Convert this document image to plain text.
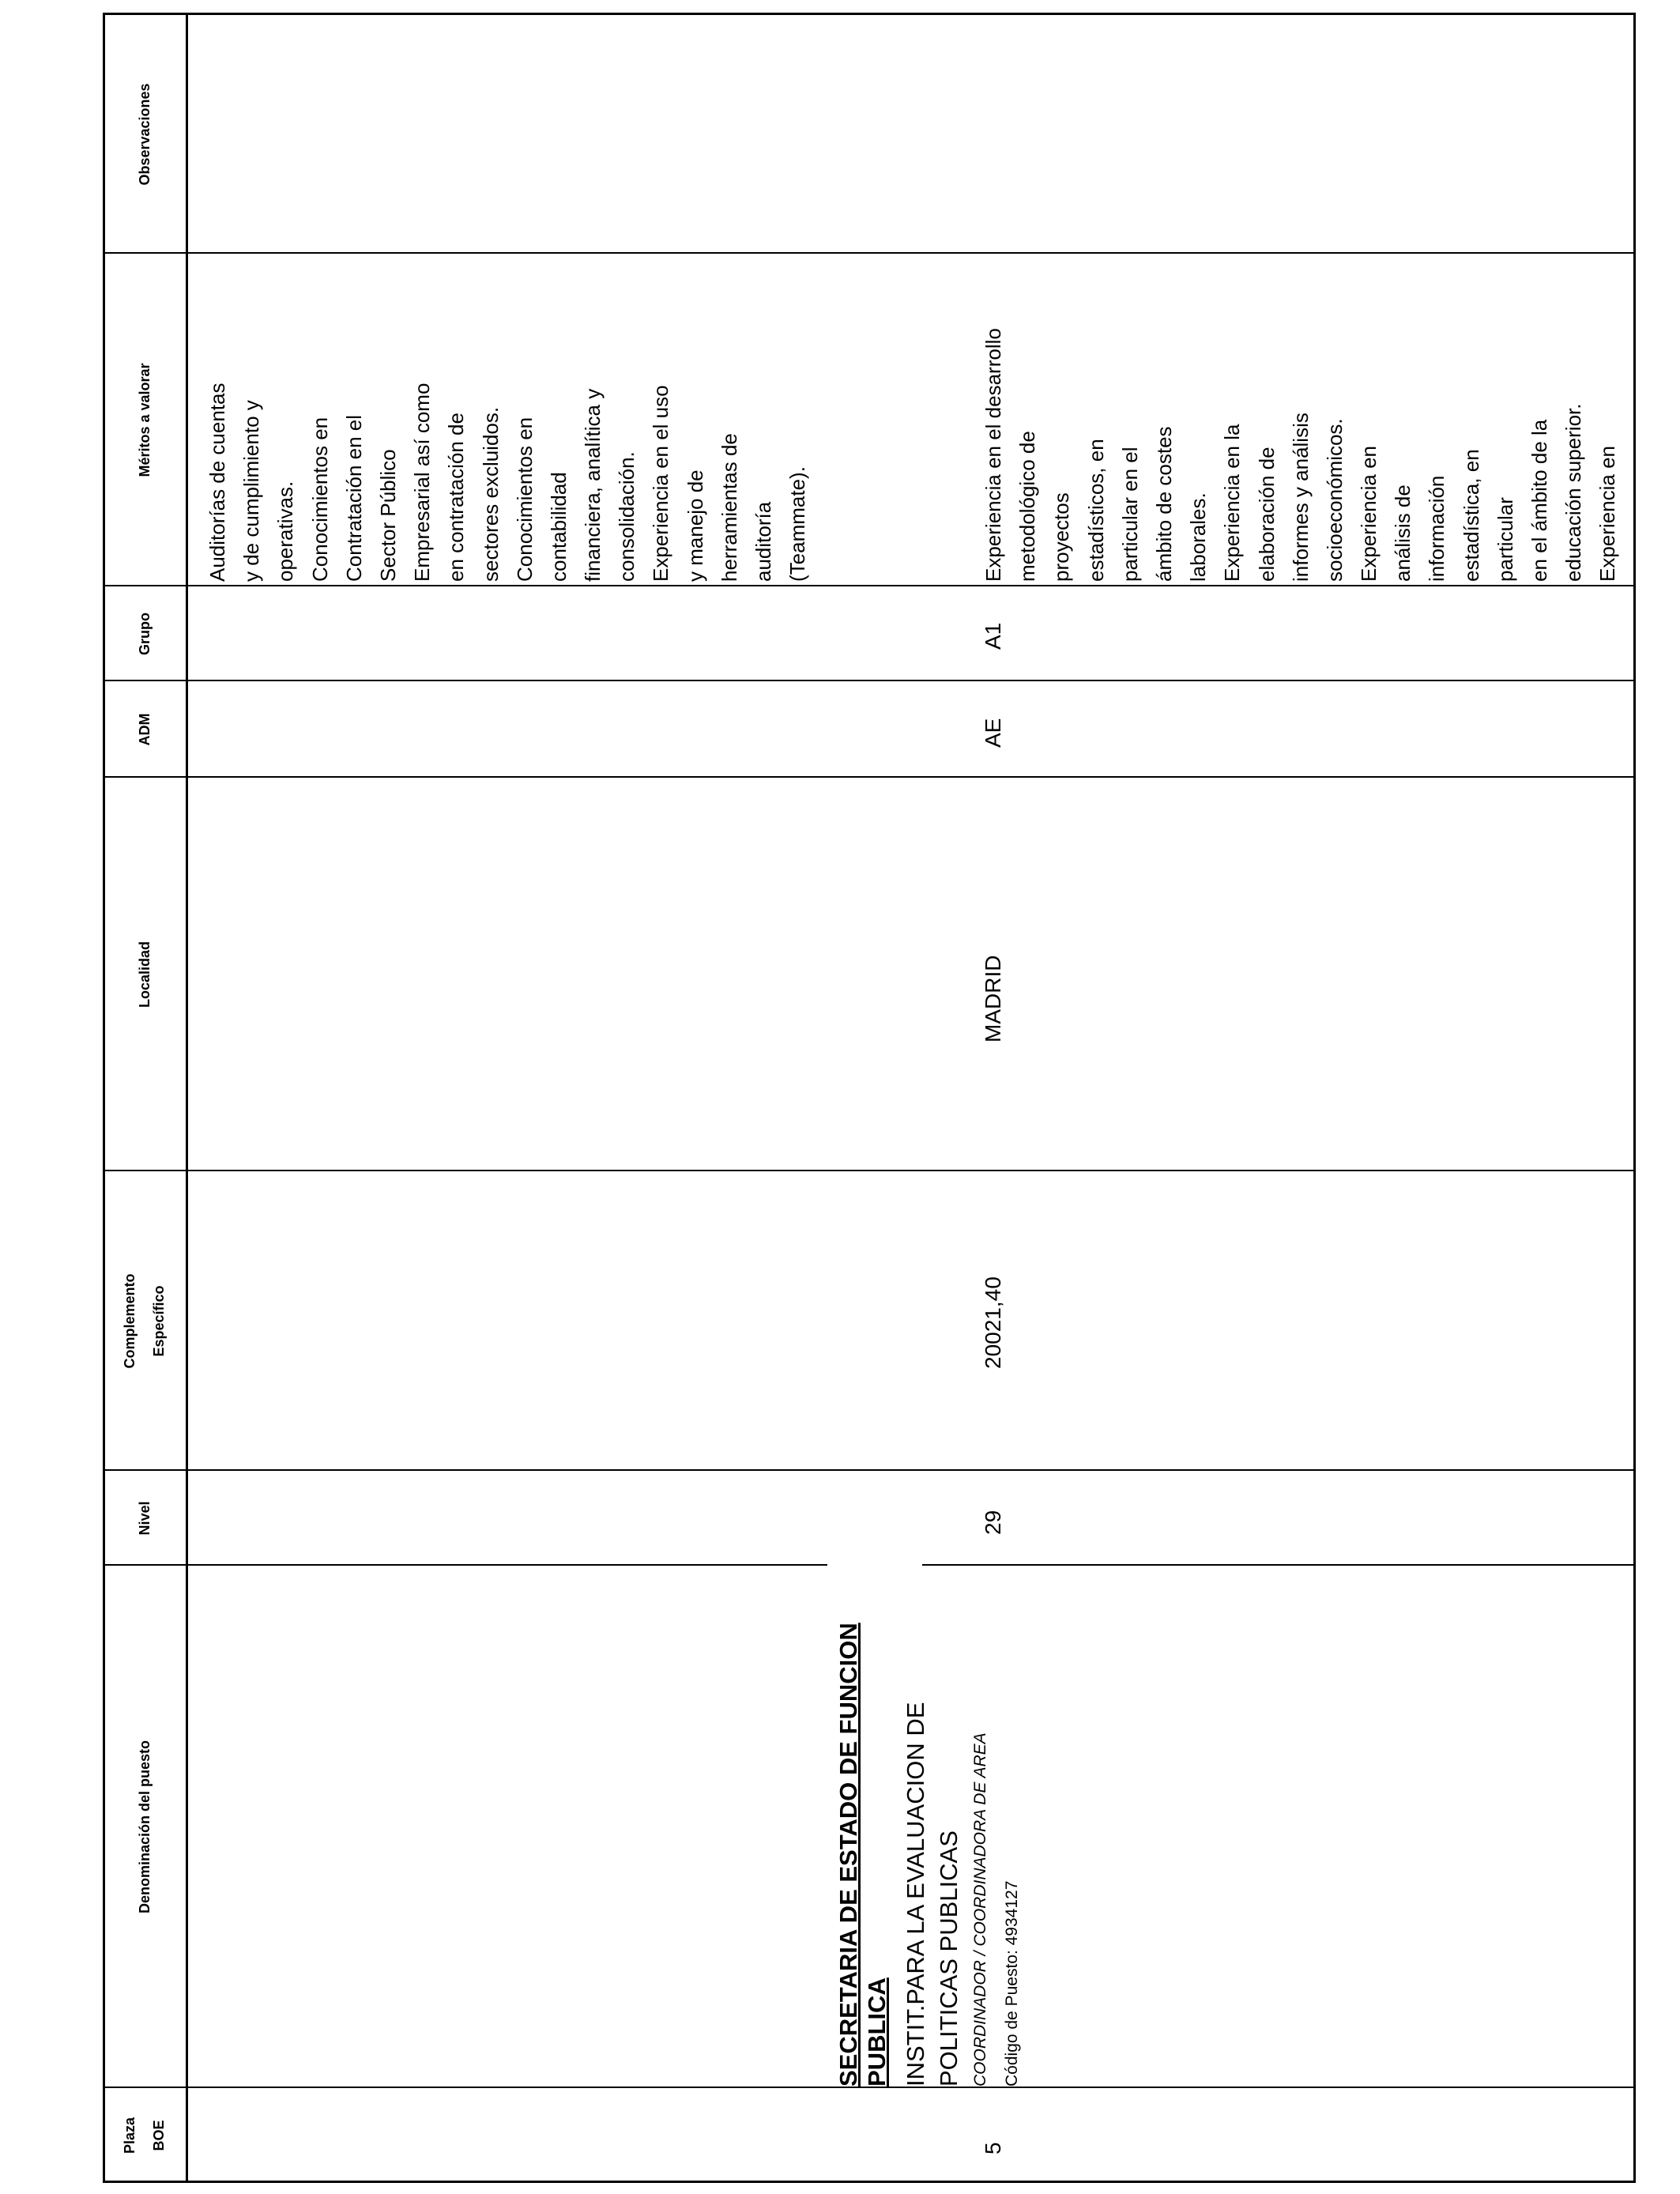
Plaza BOE
Denominación del puesto
Nivel
Complemento Específico
Localidad
ADM
Grupo
Méritos a valorar
Observaciones
Auditorías de cuentas y de cumplimiento y operativas. Conocimientos en Contratación en el Sector Público Empresarial así como en contratación de sectores excluidos. Conocimientos en contabilidad financiera, analítica y consolidación. Experiencia en el uso y manejo de herramientas de auditoría (Teammate).
SECRETARIA DE ESTADO DE FUNCION PUBLICA INSTIT.PARA LA EVALUACION DE POLITICAS PUBLICAS COORDINADOR / COORDINADORA DE AREA Código de Puesto: 4934127
5
29
20021,40
MADRID
AE
A1
Experiencia en el desarrollo metodológico de proyectos estadísticos, en particular en el ámbito de costes laborales. Experiencia en la elaboración de informes y análisis socioeconómicos. Experiencia en análisis de información estadística, en particular en el ámbito de la educación superior. Experiencia en
